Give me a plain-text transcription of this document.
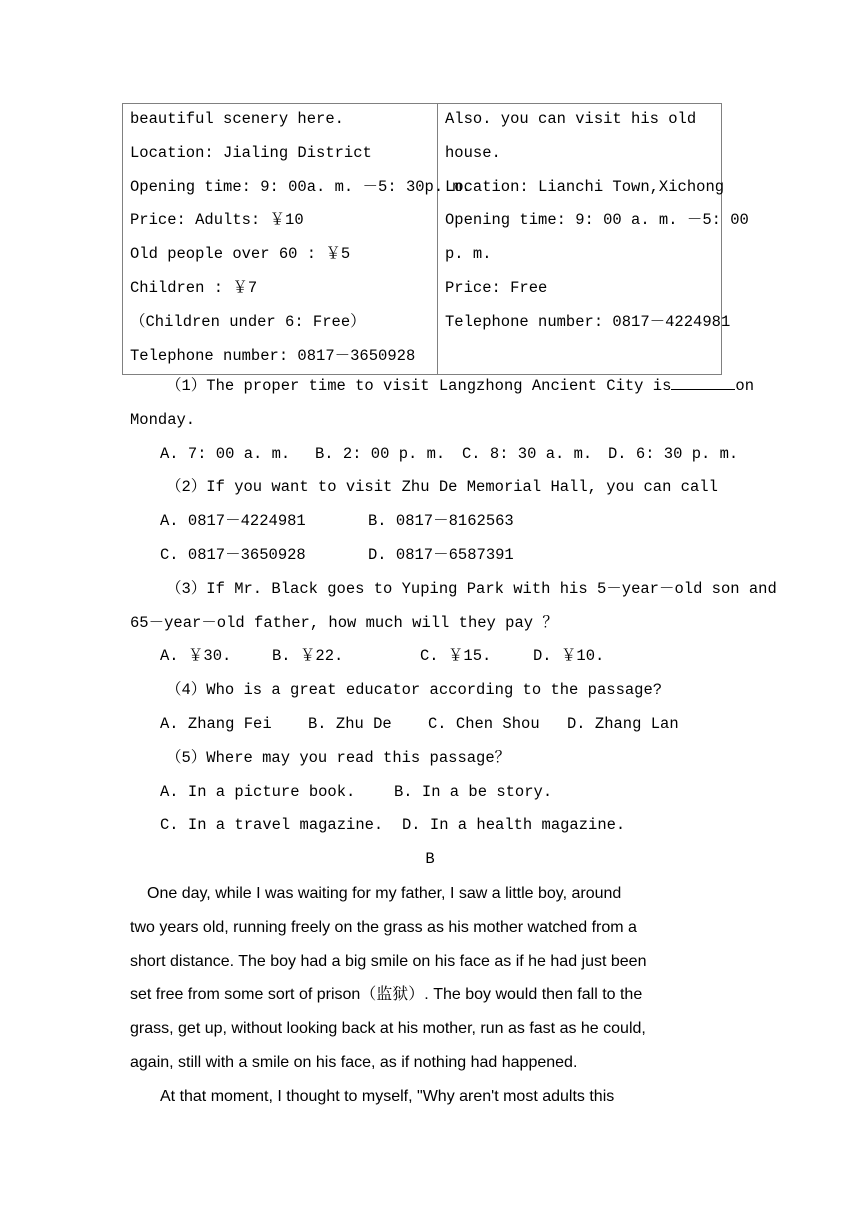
beautiful scenery here.
Location: Jialing District
Opening time: 9: 00a. m. －5: 30p. m.
Price: Adults: ￥10
Old people over 60 : ￥5
Children : ￥7
（Children under 6: Free）
Telephone number: 0817－3650928
Also. you can visit his old
house.
Location: Lianchi Town,Xichong
Opening time: 9: 00 a. m. －5: 00
p. m.
Price: Free
Telephone number: 0817－4224981
（1）The proper time to visit Langzhong Ancient City is	on
Monday.
A. 7: 00 a. m. B. 2: 00 p. m. C. 8: 30 a. m. D. 6: 30 p. m.
（2）If you want to visit Zhu De Memorial Hall, you can call
A. 0817－4224981	B. 0817－8162563
C. 0817－3650928	D. 0817－6587391
（3）If Mr. Black goes to Yuping Park with his 5－year－old son and
65－year－old father, how much will they pay ？
A. ￥30.	B. ￥22.	C. ￥15.	D. ￥10.
（4）Who is a great educator according to the passage?
A. Zhang Fei B. Zhu De C. Chen Shou D. Zhang Lan
（5）Where may you read this passage？
A. In a picture book. B. In a be story.
C. In a travel magazine. D. In a health magazine.
B
One day, while I was waiting for my father, I saw a little boy, around
two years old, running freely on the grass as his mother watched from a
short distance. The boy had a big smile on his face as if he had just been
set free from some sort of prison（监狱）. The boy would then fall to the
grass, get up, without looking back at his mother, run as fast as he could,
again, still with a smile on his face, as if nothing had happened.
At that moment, I thought to myself, "Why aren't most adults this
